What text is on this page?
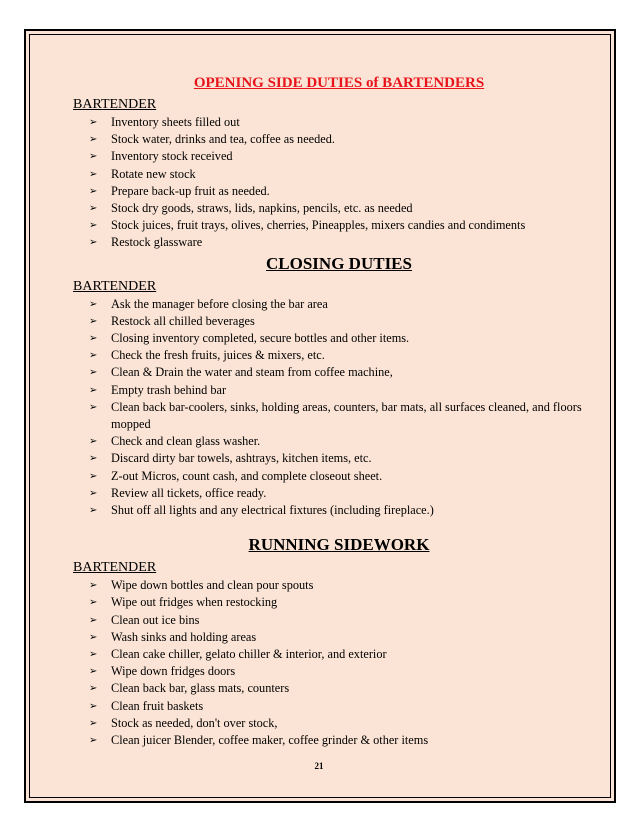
OPENING SIDE DUTIES of BARTENDERS
BARTENDER
➢ Inventory sheets filled out
➢ Stock water, drinks and tea, coffee as needed.
➢ Inventory stock received
➢ Rotate new stock
➢ Prepare back-up fruit as needed.
➢ Stock dry goods, straws, lids, napkins, pencils, etc. as needed
➢ Stock juices, fruit trays, olives, cherries, Pineapples, mixers candies and condiments
➢ Restock glassware
CLOSING DUTIES
BARTENDER
➢ Ask the manager before closing the bar area
➢ Restock all chilled beverages
➢ Closing inventory completed, secure bottles and other items.
➢ Check the fresh fruits, juices & mixers, etc.
➢ Clean & Drain the water and steam from coffee machine,
➢ Empty trash behind bar
➢ Clean back bar-coolers, sinks, holding areas, counters, bar mats, all surfaces cleaned, and floors mopped
➢ Check and clean glass washer.
➢ Discard dirty bar towels, ashtrays, kitchen items, etc.
➢ Z-out Micros, count cash, and complete closeout sheet.
➢ Review all tickets, office ready.
➢ Shut off all lights and any electrical fixtures (including fireplace.)
RUNNING SIDEWORK
BARTENDER
➢ Wipe down bottles and clean pour spouts
➢ Wipe out fridges when restocking
➢ Clean out ice bins
➢ Wash sinks and holding areas
➢ Clean cake chiller, gelato chiller & interior, and exterior
➢ Wipe down fridges doors
➢ Clean back bar, glass mats, counters
➢ Clean fruit baskets
➢ Stock as needed, don't over stock,
➢ Clean juicer Blender, coffee maker, coffee grinder & other items
21
